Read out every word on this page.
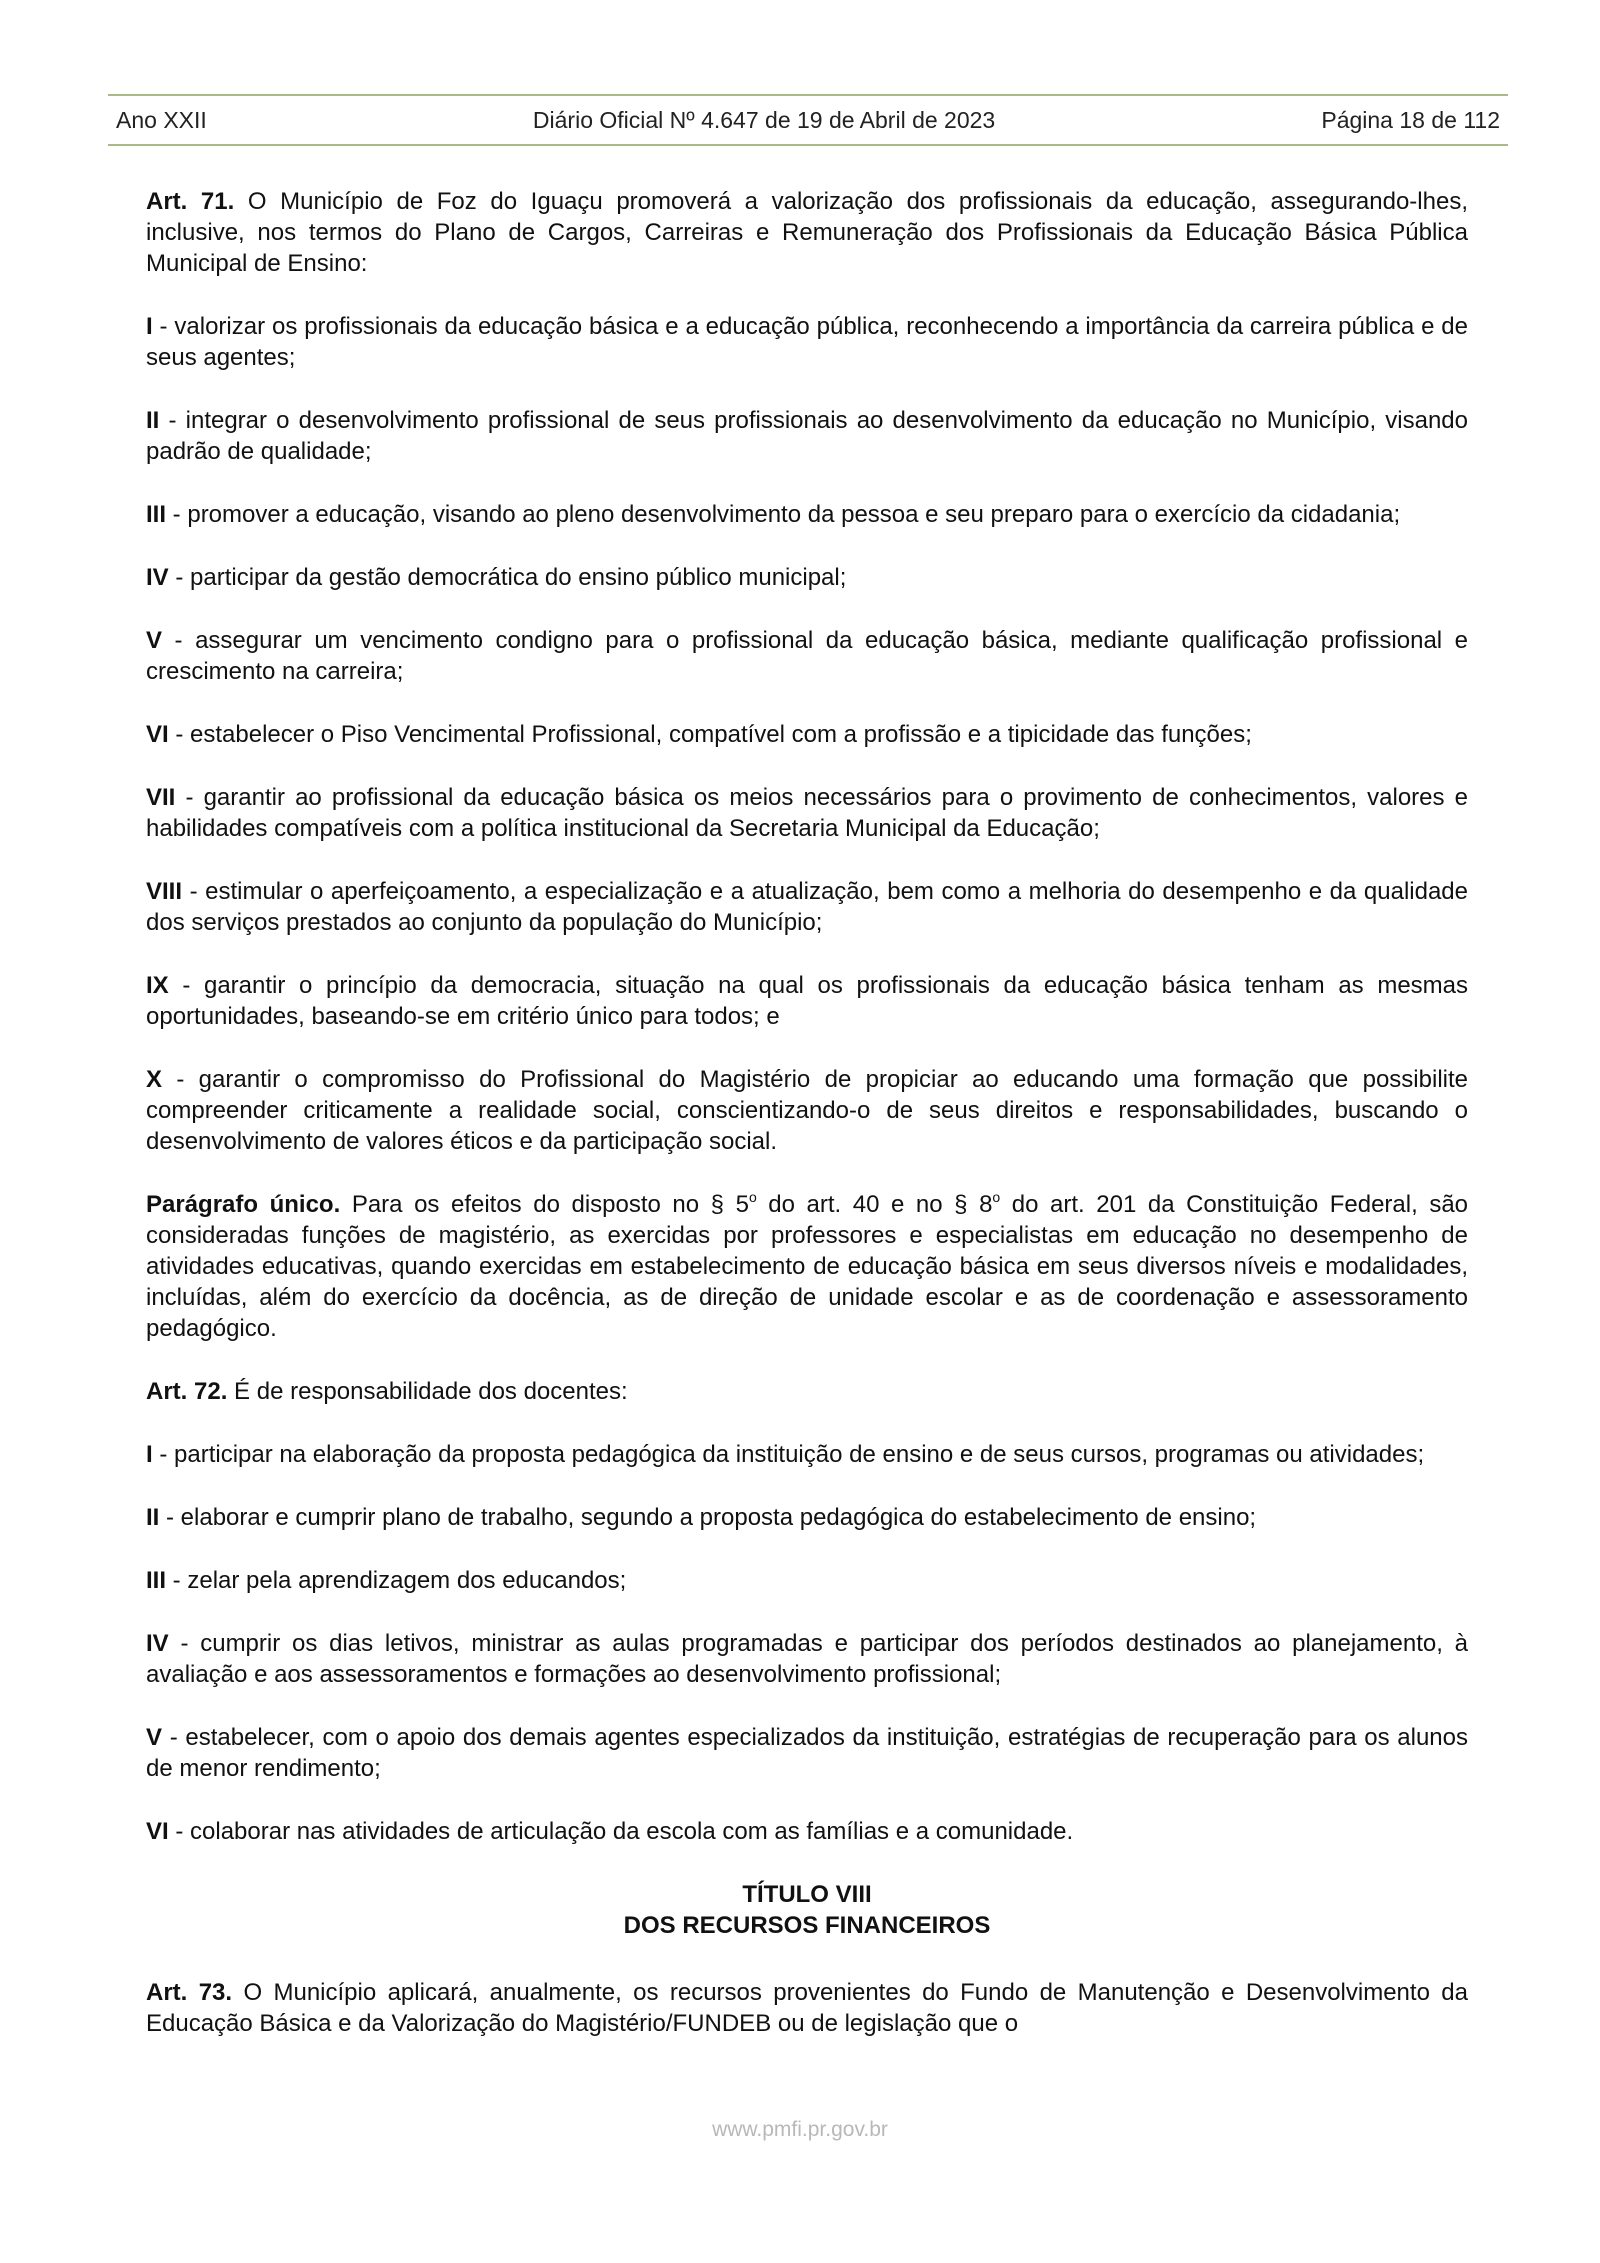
Ano XXII	Diário Oficial Nº 4.647 de 19 de Abril de 2023	Página 18 de 112

Art. 71. O Município de Foz do Iguaçu promoverá a valorização dos profissionais da educação, assegurando-lhes, inclusive, nos termos do Plano de Cargos, Carreiras e Remuneração dos Profissionais da Educação Básica Pública Municipal de Ensino:

I - valorizar os profissionais da educação básica e a educação pública, reconhecendo a importância da carreira pública e de seus agentes;

II - integrar o desenvolvimento profissional de seus profissionais ao desenvolvimento da educação no Município, visando padrão de qualidade;

III - promover a educação, visando ao pleno desenvolvimento da pessoa e seu preparo para o exercício da cidadania;

IV - participar da gestão democrática do ensino público municipal;

V - assegurar um vencimento condigno para o profissional da educação básica, mediante qualificação profissional e crescimento na carreira;

VI - estabelecer o Piso Vencimental Profissional, compatível com a profissão e a tipicidade das funções;

VII - garantir ao profissional da educação básica os meios necessários para o provimento de conhecimentos, valores e habilidades compatíveis com a política institucional da Secretaria Municipal da Educação;

VIII - estimular o aperfeiçoamento, a especialização e a atualização, bem como a melhoria do desempenho e da qualidade dos serviços prestados ao conjunto da população do Município;

IX - garantir o princípio da democracia, situação na qual os profissionais da educação básica tenham as mesmas oportunidades, baseando-se em critério único para todos; e

X - garantir o compromisso do Profissional do Magistério de propiciar ao educando uma formação que possibilite compreender criticamente a realidade social, conscientizando-o de seus direitos e responsabilidades, buscando o desenvolvimento de valores éticos e da participação social.

Parágrafo único. Para os efeitos do disposto no § 5$^o$ do art. 40 e no § 8$^o$ do art. 201 da Constituição Federal, são consideradas funções de magistério, as exercidas por professores e especialistas em educação no desempenho de atividades educativas, quando exercidas em estabelecimento de educação básica em seus diversos níveis e modalidades, incluídas, além do exercício da docência, as de direção de unidade escolar e as de coordenação e assessoramento pedagógico.

Art. 72. É de responsabilidade dos docentes:

I - participar na elaboração da proposta pedagógica da instituição de ensino e de seus cursos, programas ou atividades;

II - elaborar e cumprir plano de trabalho, segundo a proposta pedagógica do estabelecimento de ensino;

III - zelar pela aprendizagem dos educandos;

IV - cumprir os dias letivos, ministrar as aulas programadas e participar dos períodos destinados ao planejamento, à avaliação e aos assessoramentos e formações ao desenvolvimento profissional;

V - estabelecer, com o apoio dos demais agentes especializados da instituição, estratégias de recuperação para os alunos de menor rendimento;

VI - colaborar nas atividades de articulação da escola com as famílias e a comunidade.

TÍTULO VIII
DOS RECURSOS FINANCEIROS

Art. 73. O Município aplicará, anualmente, os recursos provenientes do Fundo de Manutenção e Desenvolvimento da Educação Básica e da Valorização do Magistério/FUNDEB ou de legislação que o

www.pmfi.pr.gov.br
